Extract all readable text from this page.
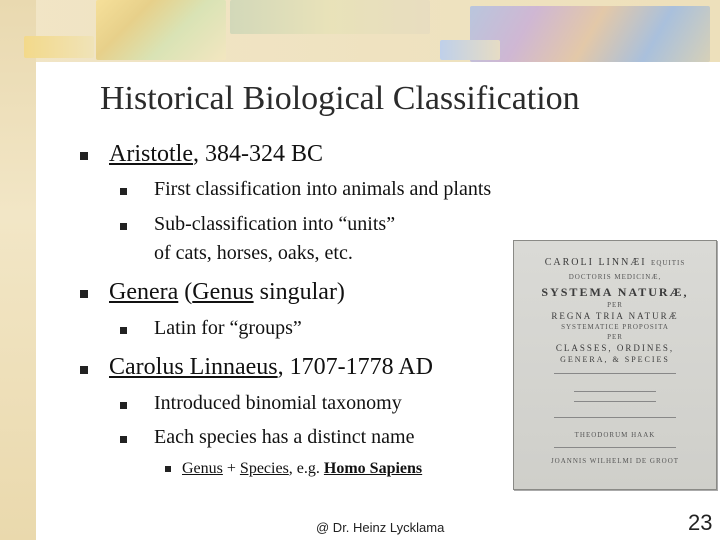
Historical Biological Classification
Aristotle, 384-324 BC
First classification into animals and plants
Sub-classification into “units”
of cats, horses, oaks, etc.
Genera (Genus singular)
Latin for “groups”
Carolus Linnaeus, 1707-1778 AD
Introduced binomial taxonomy
Each species has a distinct name
Genus + Species, e.g. Homo Sapiens
CAROLI LINNÆI EQUITIS
DOCTORIS MEDICINÆ,
SYSTEMA NATURÆ,
PER
REGNA TRIA NATURÆ
SYSTEMATICE PROPOSITA
PER
CLASSES, ORDINES,
GENERA, & SPECIES
THEODORUM HAAK
JOANNIS WILHELMI DE GROOT
@ Dr. Heinz Lycklama	23
